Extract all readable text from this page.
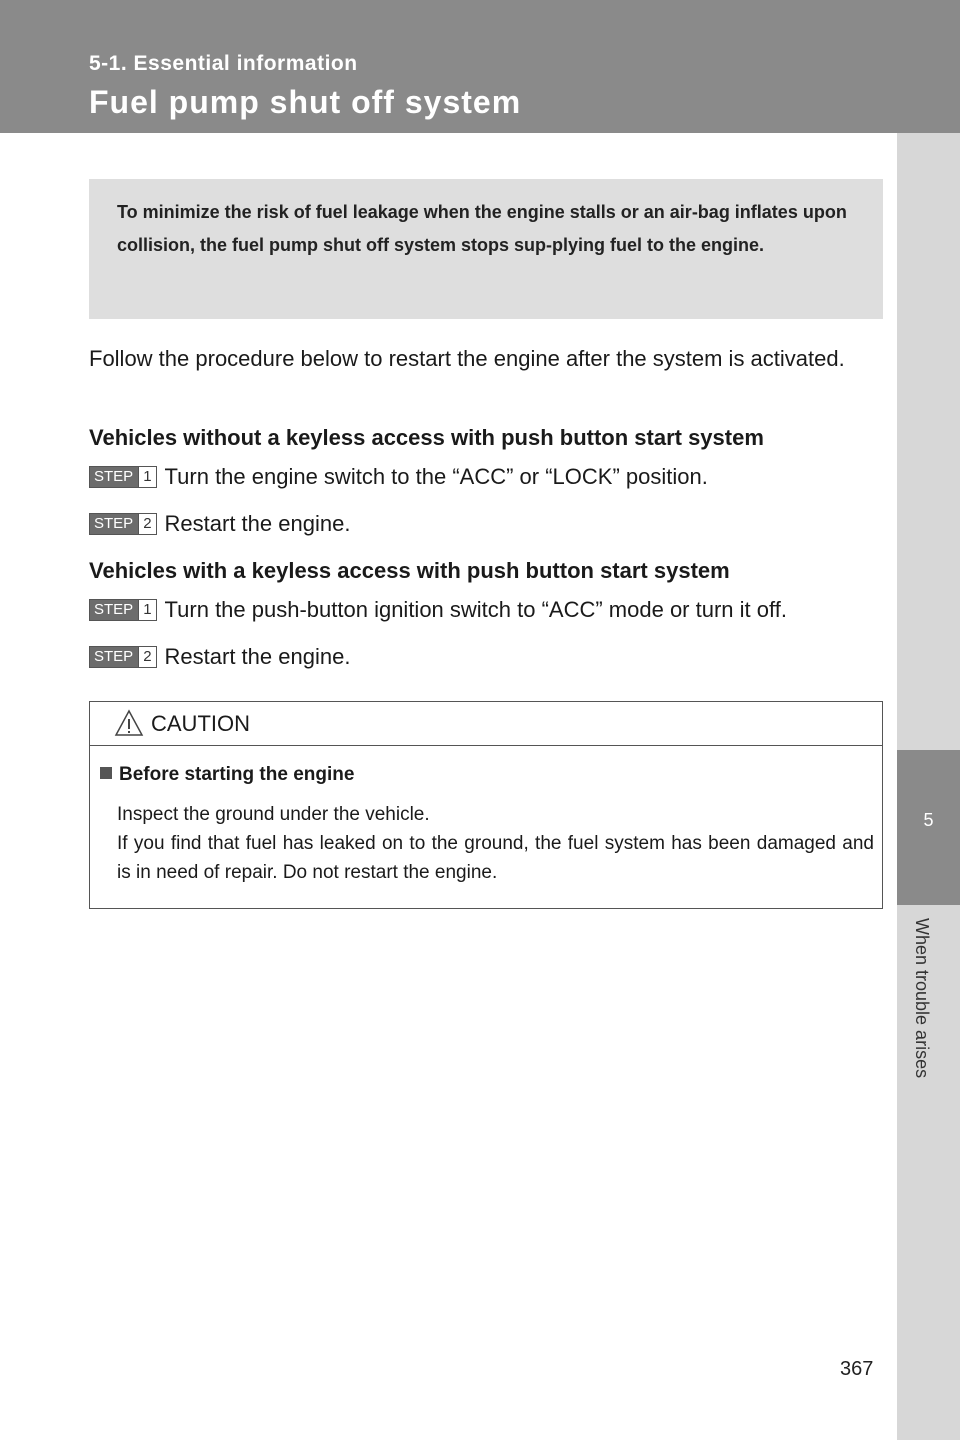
5-1. Essential information
Fuel pump shut off system
5
When trouble arises
To minimize the risk of fuel leakage when the engine stalls or an air-bag inflates upon collision, the fuel pump shut off system stops sup-plying fuel to the engine.

Follow the procedure below to restart the engine after the system is activated.

Vehicles without a keyless access with push button start system
STEP 1 Turn the engine switch to the “ACC” or “LOCK” position.
STEP 2 Restart the engine.
Vehicles with a keyless access with push button start system
STEP 1 Turn the push-button ignition switch to “ACC” mode or turn it off.
STEP 2 Restart the engine.
CAUTION
Before starting the engine

Inspect the ground under the vehicle.

If you find that fuel has leaked on to the ground, the fuel system has been damaged and is in need of repair. Do not restart the engine.

367
